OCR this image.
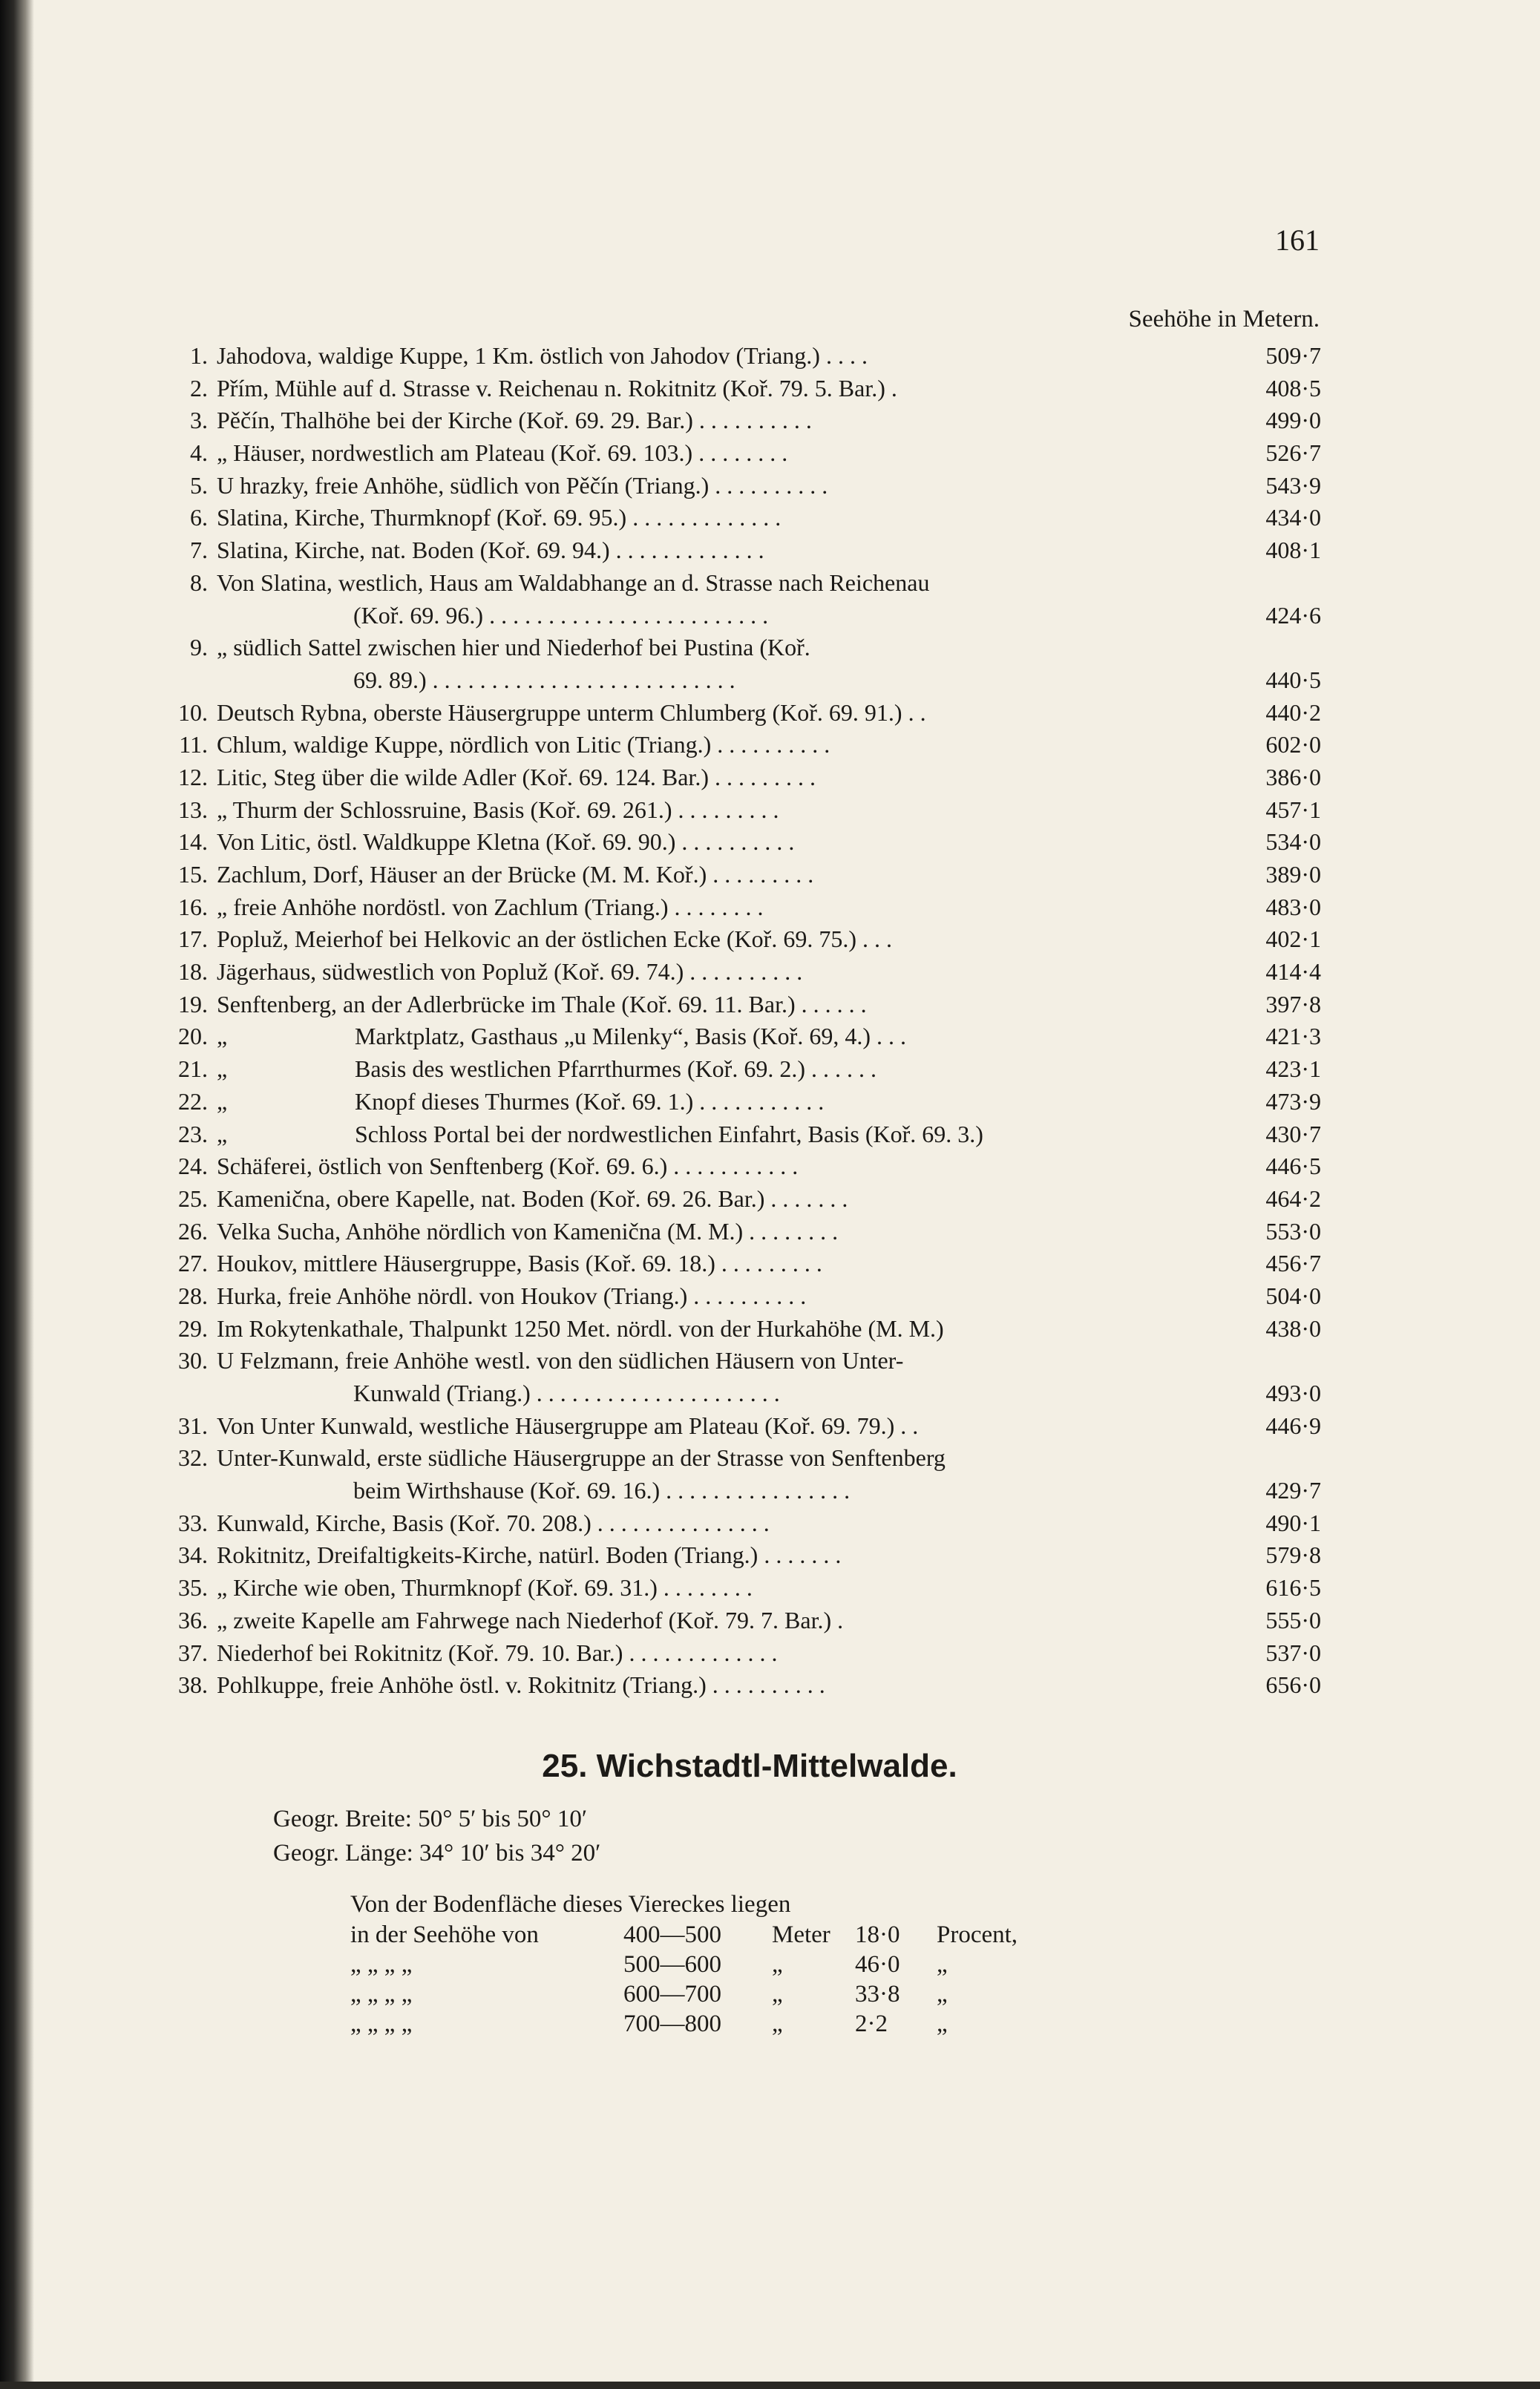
161
Seehöhe in Metern.
1. Jahodova, waldige Kuppe, 1 Km. östlich von Jahodov (Triang.) . . . .	509·7
2. Přím, Mühle auf d. Strasse v. Reichenau n. Rokitnitz (Koř. 79. 5. Bar.) .	408·5
3. Pěčín, Thalhöhe bei der Kirche (Koř. 69. 29. Bar.) . . . . . . . . . .	499·0
4. „ Häuser, nordwestlich am Plateau (Koř. 69. 103.) . . . . . . . .	526·7
5. U hrazky, freie Anhöhe, südlich von Pěčín (Triang.) . . . . . . . . . .	543·9
6. Slatina, Kirche, Thurmknopf (Koř. 69. 95.) . . . . . . . . . . . . .	434·0
7. Slatina, Kirche, nat. Boden (Koř. 69. 94.) . . . . . . . . . . . . .	408·1
8. Von Slatina, westlich, Haus am Waldabhange an d. Strasse nach Reichenau
(Koř. 69. 96.) . . . . . . . . . . . . . . . . . . . . . . . .	424·6
9. „ südlich Sattel zwischen hier und Niederhof bei Pustina (Koř.
69. 89.) . . . . . . . . . . . . . . . . . . . . . . . . . .	440·5
10. Deutsch Rybna, oberste Häusergruppe unterm Chlumberg (Koř. 69. 91.) . .	440·2
11. Chlum, waldige Kuppe, nördlich von Litic (Triang.) . . . . . . . . . .	602·0
12. Litic, Steg über die wilde Adler (Koř. 69. 124. Bar.) . . . . . . . . .	386·0
13. „ Thurm der Schlossruine, Basis (Koř. 69. 261.) . . . . . . . . .	457·1
14. Von Litic, östl. Waldkuppe Kletna (Koř. 69. 90.) . . . . . . . . . .	534·0
15. Zachlum, Dorf, Häuser an der Brücke (M. M. Koř.) . . . . . . . . .	389·0
16. „ freie Anhöhe nordöstl. von Zachlum (Triang.) . . . . . . . .	483·0
17. Popluž, Meierhof bei Helkovic an der östlichen Ecke (Koř. 69. 75.) . . .	402·1
18. Jägerhaus, südwestlich von Popluž (Koř. 69. 74.) . . . . . . . . . .	414·4
19. Senftenberg, an der Adlerbrücke im Thale (Koř. 69. 11. Bar.) . . . . . .	397·8
20. „	Marktplatz, Gasthaus „u Milenky“, Basis (Koř. 69, 4.) . . .	421·3
21. „	Basis des westlichen Pfarrthurmes (Koř. 69. 2.) . . . . . .	423·1
22. „	Knopf dieses Thurmes (Koř. 69. 1.) . . . . . . . . . . .	473·9
23. „	Schloss Portal bei der nordwestlichen Einfahrt, Basis (Koř. 69. 3.)	430·7
24. Schäferei, östlich von Senftenberg (Koř. 69. 6.) . . . . . . . . . . .	446·5
25. Kamenična, obere Kapelle, nat. Boden (Koř. 69. 26. Bar.) . . . . . . .	464·2
26. Velka Sucha, Anhöhe nördlich von Kamenična (M. M.) . . . . . . . .	553·0
27. Houkov, mittlere Häusergruppe, Basis (Koř. 69. 18.) . . . . . . . . .	456·7
28. Hurka, freie Anhöhe nördl. von Houkov (Triang.) . . . . . . . . . .	504·0
29. Im Rokytenkathale, Thalpunkt 1250 Met. nördl. von der Hurkahöhe (M. M.)	438·0
30. U Felzmann, freie Anhöhe westl. von den südlichen Häusern von Unter-
Kunwald (Triang.) . . . . . . . . . . . . . . . . . . . . .	493·0
31. Von Unter Kunwald, westliche Häusergruppe am Plateau (Koř. 69. 79.) . .	446·9
32. Unter-Kunwald, erste südliche Häusergruppe an der Strasse von Senftenberg
beim Wirthshause (Koř. 69. 16.) . . . . . . . . . . . . . . . .	429·7
33. Kunwald, Kirche, Basis (Koř. 70. 208.) . . . . . . . . . . . . . . .	490·1
34. Rokitnitz, Dreifaltigkeits-Kirche, natürl. Boden (Triang.) . . . . . . .	579·8
35. „ Kirche wie oben, Thurmknopf (Koř. 69. 31.) . . . . . . . .	616·5
36. „ zweite Kapelle am Fahrwege nach Niederhof (Koř. 79. 7. Bar.) .	555·0
37. Niederhof bei Rokitnitz (Koř. 79. 10. Bar.) . . . . . . . . . . . . .	537·0
38. Pohlkuppe, freie Anhöhe östl. v. Rokitnitz (Triang.) . . . . . . . . . .	656·0
25. Wichstadtl-Mittelwalde.
Geogr. Breite: 50° 5′ bis 50° 10′
Geogr. Länge: 34° 10′ bis 34° 20′
Von der Bodenfläche dieses Viereckes liegen
in der Seehöhe von	400—500 Meter 18·0 Procent,
„ „ „ „	500—600 „	46·0 „
„ „ „ „	600—700 „	33·8 „
„ „ „ „	700—800 „	2·2 „
